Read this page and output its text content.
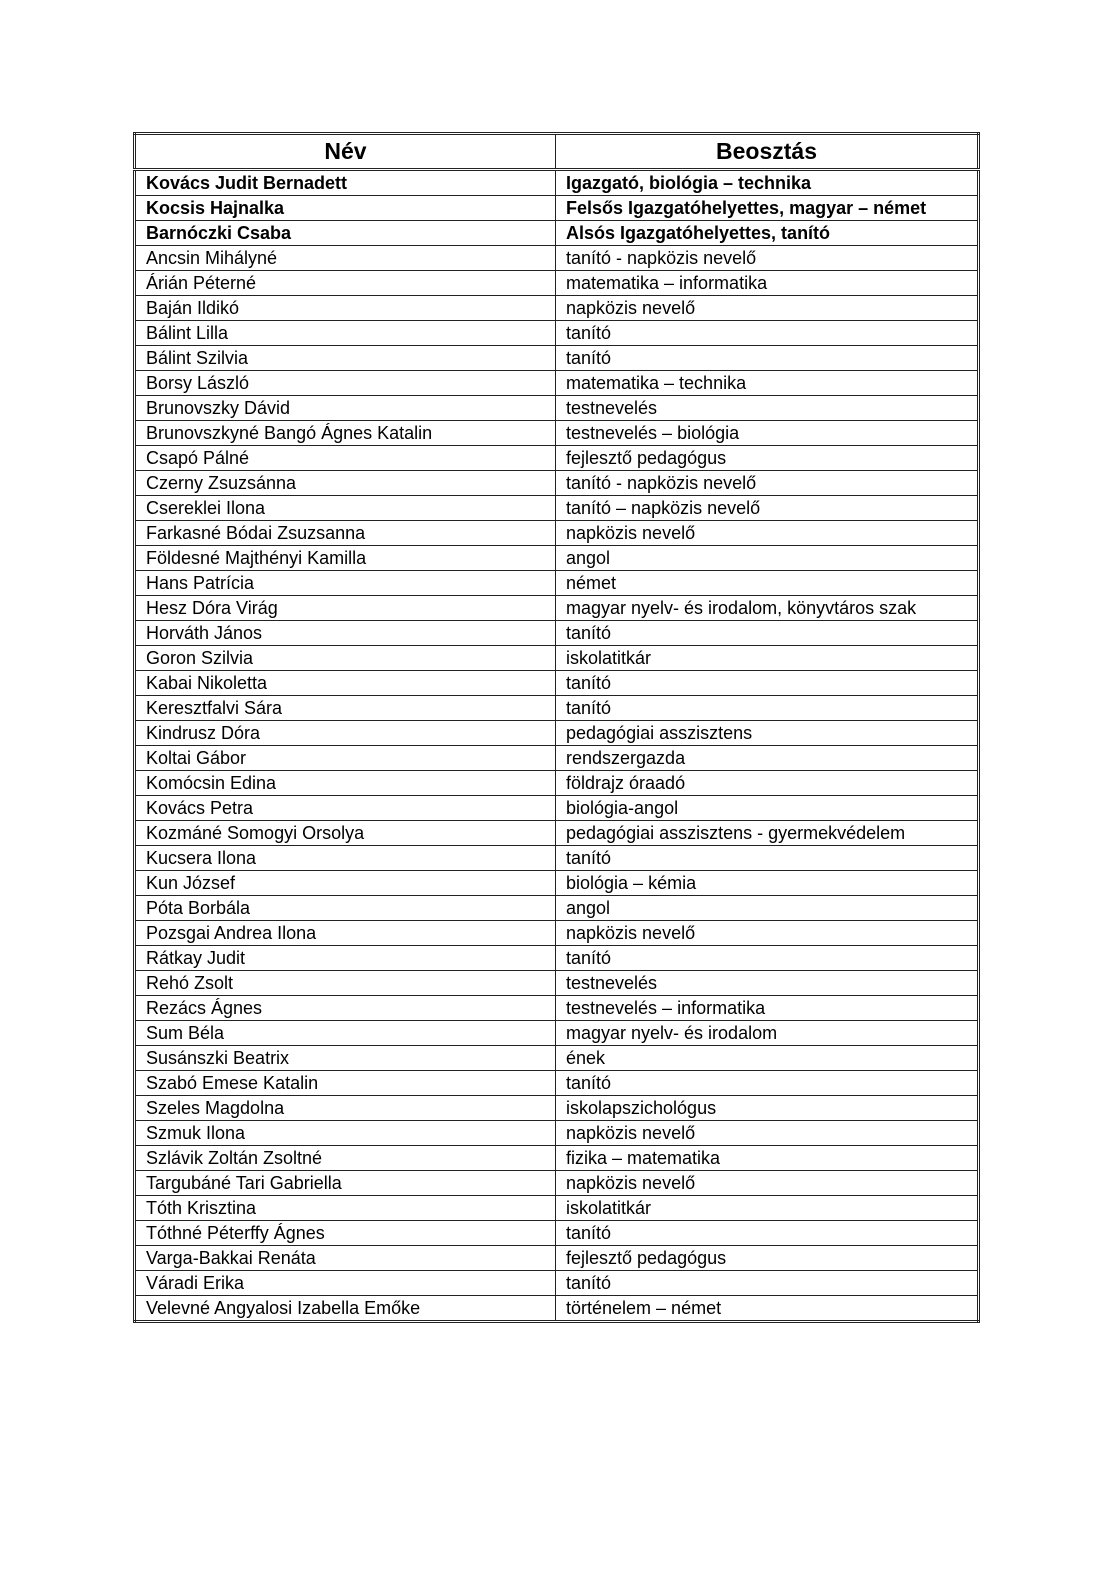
Név	Beosztás
Kovács Judit Bernadett	Igazgató, biológia – technika
Kocsis Hajnalka	Felsős Igazgatóhelyettes, magyar – német
Barnóczki Csaba	Alsós Igazgatóhelyettes, tanító
Ancsin Mihályné	tanító - napközis nevelő
Árián Péterné	matematika – informatika
Baján Ildikó	napközis nevelő
Bálint Lilla	tanító
Bálint Szilvia	tanító
Borsy László	matematika – technika
Brunovszky Dávid	testnevelés
Brunovszkyné Bangó Ágnes Katalin	testnevelés – biológia
Csapó Pálné	fejlesztő pedagógus
Czerny Zsuzsánna	tanító - napközis nevelő
Csereklei Ilona	tanító – napközis nevelő
Farkasné Bódai Zsuzsanna	napközis nevelő
Földesné Majthényi Kamilla	angol
Hans Patrícia	német
Hesz Dóra Virág	magyar nyelv- és irodalom, könyvtáros szak
Horváth János	tanító
Goron Szilvia	iskolatitkár
Kabai Nikoletta	tanító
Keresztfalvi Sára	tanító
Kindrusz Dóra	pedagógiai asszisztens
Koltai Gábor	rendszergazda
Komócsin Edina	földrajz óraadó
Kovács Petra	biológia-angol
Kozmáné Somogyi Orsolya	pedagógiai asszisztens - gyermekvédelem
Kucsera Ilona	tanító
Kun József	biológia – kémia
Póta Borbála	angol
Pozsgai Andrea Ilona	napközis nevelő
Rátkay Judit	tanító
Rehó Zsolt	testnevelés
Rezács Ágnes	testnevelés – informatika
Sum Béla	magyar nyelv- és irodalom
Susánszki Beatrix	ének
Szabó Emese Katalin	tanító
Szeles Magdolna	iskolapszichológus
Szmuk Ilona	napközis nevelő
Szlávik Zoltán Zsoltné	fizika – matematika
Targubáné Tari Gabriella	napközis nevelő
Tóth Krisztina	iskolatitkár
Tóthné Péterffy Ágnes	tanító
Varga-Bakkai Renáta	fejlesztő pedagógus
Váradi Erika	tanító
Velevné Angyalosi Izabella Emőke	történelem – német
